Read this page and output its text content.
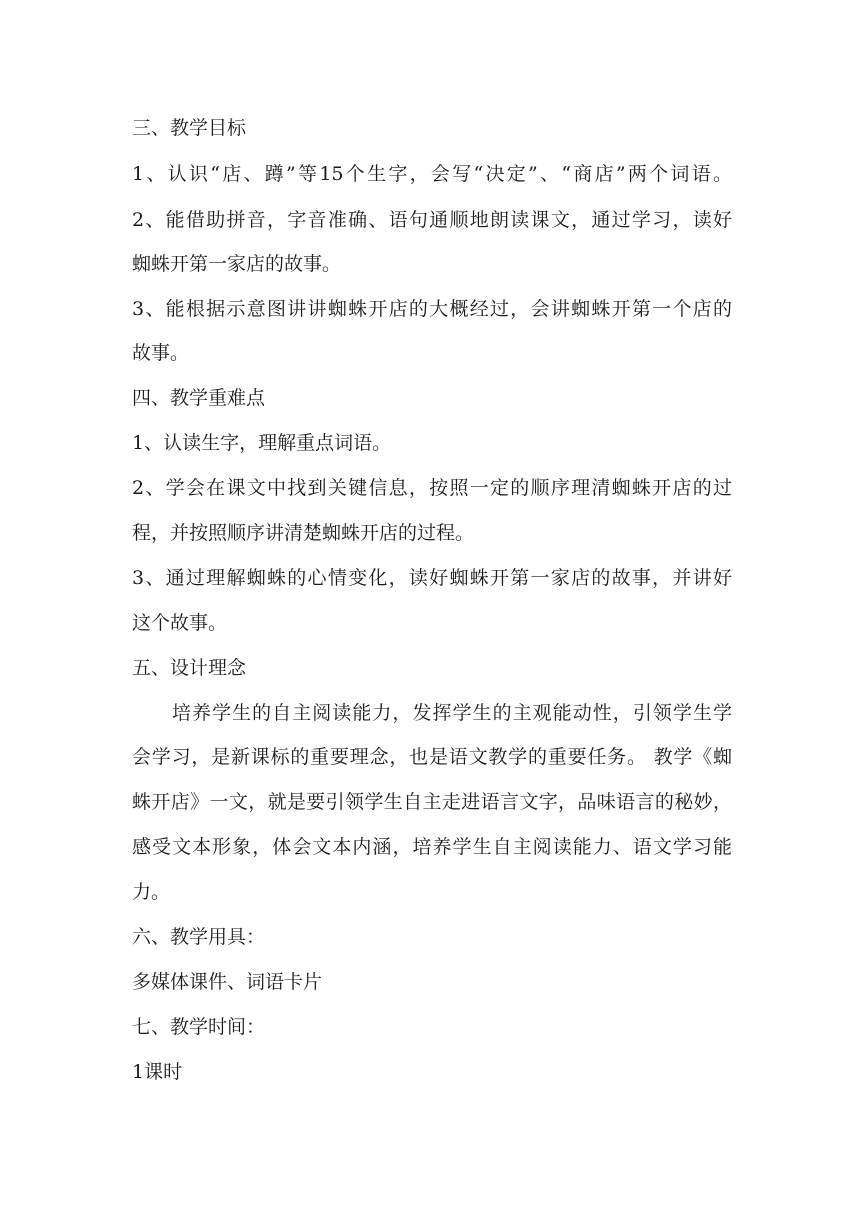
三、教学目标
1、认识“店、蹲”等15个生字，会写“决定”、“商店”两个词语。
2、能借助拼音，字音准确、语句通顺地朗读课文，通过学习，读好
蜘蛛开第一家店的故事。
3、能根据示意图讲讲蜘蛛开店的大概经过，会讲蜘蛛开第一个店的
故事。
四、教学重难点
1、认读生字，理解重点词语。
2、学会在课文中找到关键信息，按照一定的顺序理清蜘蛛开店的过
程，并按照顺序讲清楚蜘蛛开店的过程。
3、通过理解蜘蛛的心情变化，读好蜘蛛开第一家店的故事，并讲好
这个故事。
五、设计理念
培养学生的自主阅读能力，发挥学生的主观能动性，引领学生学
会学习，是新课标的重要理念，也是语文教学的重要任务。 教学《蜘
蛛开店》一文，就是要引领学生自主走进语言文字，品味语言的秘妙，
感受文本形象，体会文本内涵，培养学生自主阅读能力、语文学习能
力。
六、教学用具：
多媒体课件、词语卡片
七、教学时间：
1课时
